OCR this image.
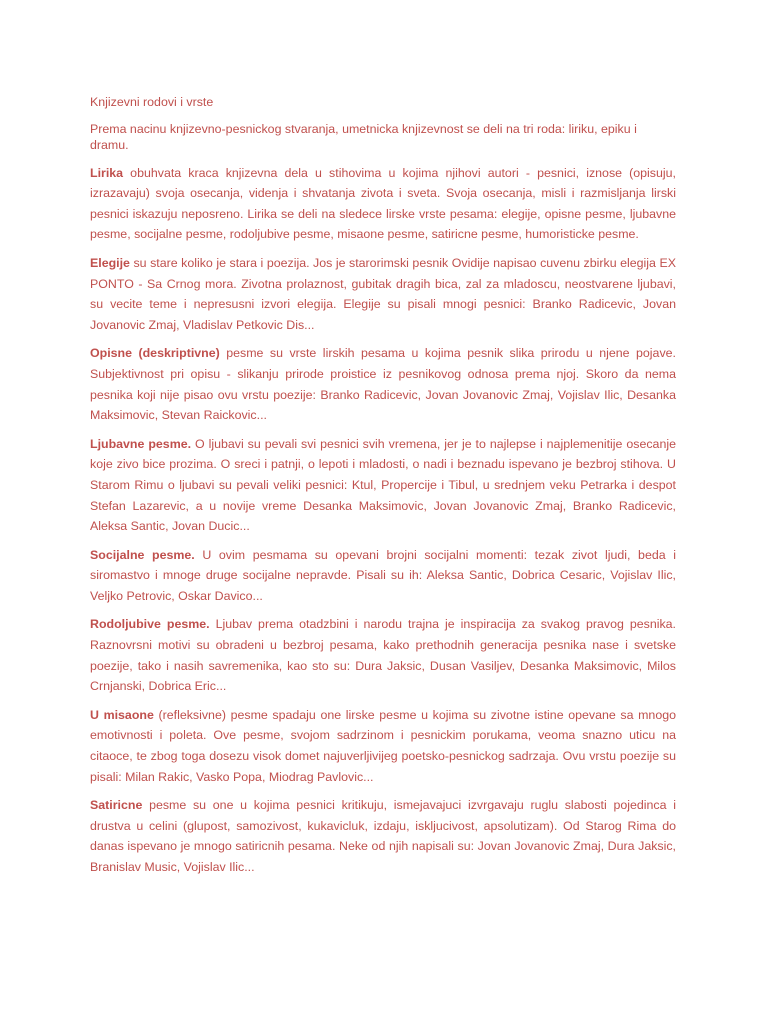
Knjizevni rodovi i vrste

Prema nacinu knjizevno-pesnickog stvaranja, umetnicka knjizevnost se deli na tri roda: liriku, epiku i dramu.

Lirika obuhvata kraca knjizevna dela u stihovima u kojima njihovi autori - pesnici, iznose (opisuju, izrazavaju) svoja osecanja, videnja i shvatanja zivota i sveta. Svoja osecanja, misli i razmisljanja lirski pesnici iskazuju neposreno. Lirika se deli na sledece lirske vrste pesama: elegije, opisne pesme, ljubavne pesme, socijalne pesme, rodoljubive pesme, misaone pesme, satiricne pesme, humoristicke pesme.

Elegije su stare koliko je stara i poezija. Jos je starorimski pesnik Ovidije napisao cuvenu zbirku elegija EX PONTO - Sa Crnog mora. Zivotna prolaznost, gubitak dragih bica, zal za mladoscu, neostvarene ljubavi, su vecite teme i nepresusni izvori elegija. Elegije su pisali mnogi pesnici: Branko Radicevic, Jovan Jovanovic Zmaj, Vladislav Petkovic Dis...

Opisne (deskriptivne) pesme su vrste lirskih pesama u kojima pesnik slika prirodu u njene pojave. Subjektivnost pri opisu - slikanju prirode proistice iz pesnikovog odnosa prema njoj. Skoro da nema pesnika koji nije pisao ovu vrstu poezije: Branko Radicevic, Jovan Jovanovic Zmaj, Vojislav Ilic, Desanka Maksimovic, Stevan Raickovic...

Ljubavne pesme. O ljubavi su pevali svi pesnici svih vremena, jer je to najlepse i najplemenitije osecanje koje zivo bice prozima. O sreci i patnji, o lepoti i mladosti, o nadi i beznadu ispevano je bezbroj stihova. U Starom Rimu o ljubavi su pevali veliki pesnici: Ktul, Propercije i Tibul, u srednjem veku Petrarka i despot Stefan Lazarevic, a u novije vreme Desanka Maksimovic, Jovan Jovanovic Zmaj, Branko Radicevic, Aleksa Santic, Jovan Ducic...

Socijalne pesme. U ovim pesmama su opevani brojni socijalni momenti: tezak zivot ljudi, beda i siromastvo i mnoge druge socijalne nepravde. Pisali su ih: Aleksa Santic, Dobrica Cesaric, Vojislav Ilic, Veljko Petrovic, Oskar Davico...

Rodoljubive pesme. Ljubav prema otadzbini i narodu trajna je inspiracija za svakog pravog pesnika. Raznovrsni motivi su obradeni u bezbroj pesama, kako prethodnih generacija pesnika nase i svetske poezije, tako i nasih savremenika, kao sto su: Dura Jaksic, Dusan Vasiljev, Desanka Maksimovic, Milos Crnjanski, Dobrica Eric...

U misaone (refleksivne) pesme spadaju one lirske pesme u kojima su zivotne istine opevane sa mnogo emotivnosti i poleta. Ove pesme, svojom sadrzinom i pesnickim porukama, veoma snazno uticu na citaoce, te zbog toga dosezu visok domet najuverljivijeg poetsko-pesnickog sadrzaja. Ovu vrstu poezije su pisali: Milan Rakic, Vasko Popa, Miodrag Pavlovic...

Satiricne pesme su one u kojima pesnici kritikuju, ismejavajuci izvrgavaju ruglu slabosti pojedinca i drustva u celini (glupost, samozivost, kukavicluk, izdaju, iskljucivost, apsolutizam). Od Starog Rima do danas ispevano je mnogo satiricnih pesama. Neke od njih napisali su: Jovan Jovanovic Zmaj, Dura Jaksic, Branislav Music, Vojislav Ilic...
